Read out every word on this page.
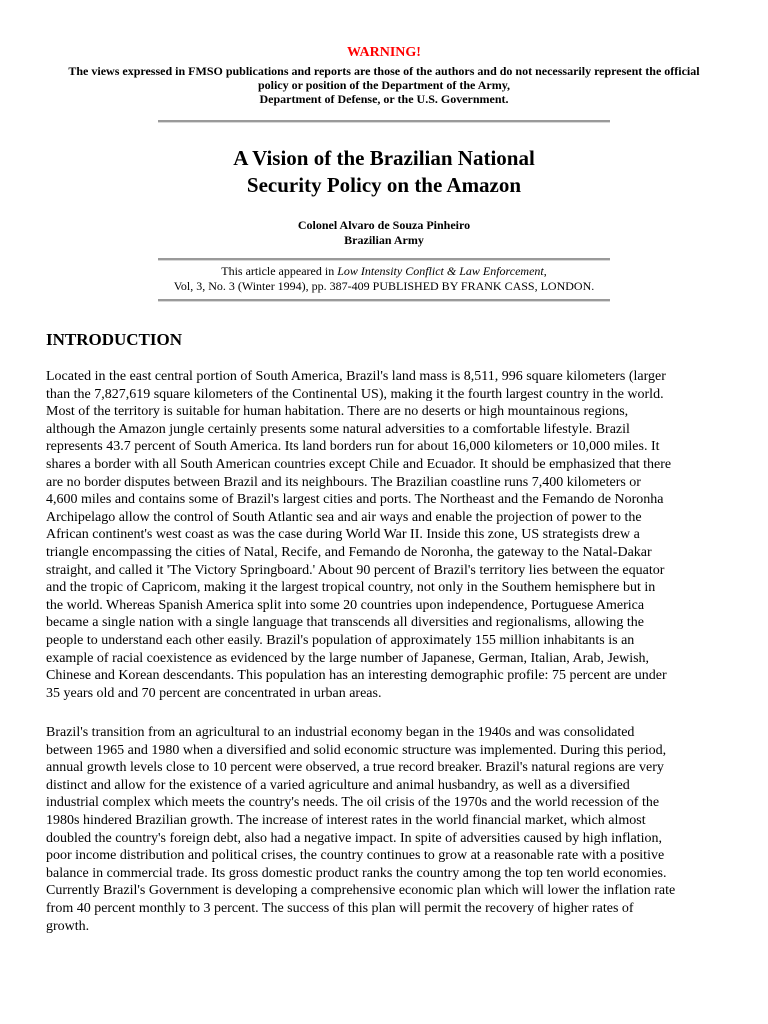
WARNING!

The views expressed in FMSO publications and reports are those of the authors and do not necessarily represent the official
policy or position of the Department of the Army,
Department of Defense, or the U.S. Government.

A Vision of the Brazilian National
Security Policy on the Amazon

Colonel Alvaro de Souza Pinheiro
Brazilian Army

This article appeared in Low Intensity Conflict & Law Enforcement,
Vol, 3, No. 3 (Winter 1994), pp. 387-409 PUBLISHED BY FRANK CASS, LONDON.

INTRODUCTION

Located in the east central portion of South America, Brazil's land mass is 8,511, 996 square kilometers (larger
than the 7,827,619 square kilometers of the Continental US), making it the fourth largest country in the world.
Most of the territory is suitable for human habitation. There are no deserts or high mountainous regions,
although the Amazon jungle certainly presents some natural adversities to a comfortable lifestyle. Brazil
represents 43.7 percent of South America. Its land borders run for about 16,000 kilometers or 10,000 miles. It
shares a border with all South American countries except Chile and Ecuador. It should be emphasized that there
are no border disputes between Brazil and its neighbours. The Brazilian coastline runs 7,400 kilometers or
4,600 miles and contains some of Brazil's largest cities and ports. The Northeast and the Femando de Noronha
Archipelago allow the control of South Atlantic sea and air ways and enable the projection of power to the
African continent's west coast as was the case during World War II. Inside this zone, US strategists drew a
triangle encompassing the cities of Natal, Recife, and Femando de Noronha, the gateway to the Natal-Dakar
straight, and called it 'The Victory Springboard.' About 90 percent of Brazil's territory lies between the equator
and the tropic of Capricom, making it the largest tropical country, not only in the Southem hemisphere but in
the world. Whereas Spanish America split into some 20 countries upon independence, Portuguese America
became a single nation with a single language that transcends all diversities and regionalisms, allowing the
people to understand each other easily. Brazil's population of approximately 155 million inhabitants is an
example of racial coexistence as evidenced by the large number of Japanese, German, Italian, Arab, Jewish,
Chinese and Korean descendants. This population has an interesting demographic profile: 75 percent are under
35 years old and 70 percent are concentrated in urban areas.

Brazil's transition from an agricultural to an industrial economy began in the 1940s and was consolidated
between 1965 and 1980 when a diversified and solid economic structure was implemented. During this period,
annual growth levels close to 10 percent were observed, a true record breaker. Brazil's natural regions are very
distinct and allow for the existence of a varied agriculture and animal husbandry, as well as a diversified
industrial complex which meets the country's needs. The oil crisis of the 1970s and the world recession of the
1980s hindered Brazilian growth. The increase of interest rates in the world financial market, which almost
doubled the country's foreign debt, also had a negative impact. In spite of adversities caused by high inflation,
poor income distribution and political crises, the country continues to grow at a reasonable rate with a positive
balance in commercial trade. Its gross domestic product ranks the country among the top ten world economies.
Currently Brazil's Government is developing a comprehensive economic plan which will lower the inflation rate
from 40 percent monthly to 3 percent. The success of this plan will permit the recovery of higher rates of
growth.
